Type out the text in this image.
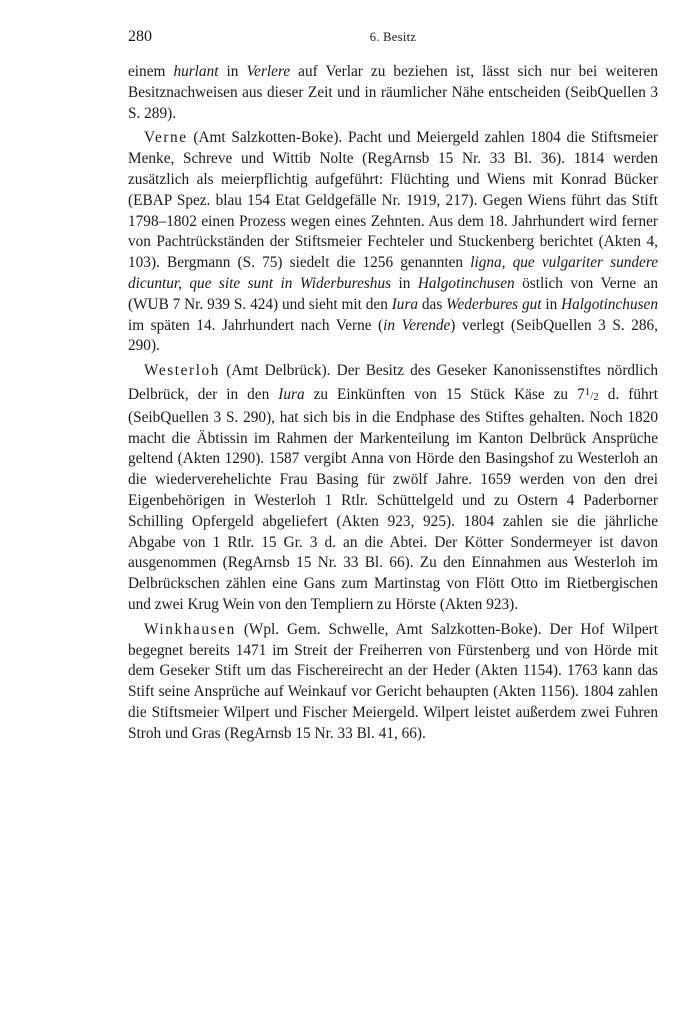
280	6. Besitz

einem hurlant in Verlere auf Verlar zu beziehen ist, lässt sich nur bei weiteren Besitznachweisen aus dieser Zeit und in räumlicher Nähe entscheiden (SeibQuellen 3 S. 289).

Verne (Amt Salzkotten-Boke). Pacht und Meiergeld zahlen 1804 die Stiftsmeier Menke, Schreve und Wittib Nolte (RegArnsb 15 Nr. 33 Bl. 36). 1814 werden zusätzlich als meierpflichtig aufgeführt: Flüchting und Wiens mit Konrad Bücker (EBAP Spez. blau 154 Etat Geldgefälle Nr. 1919, 217). Gegen Wiens führt das Stift 1798–1802 einen Prozess wegen eines Zehnten. Aus dem 18. Jahrhundert wird ferner von Pachtrückständen der Stiftsmeier Fechteler und Stuckenberg berichtet (Akten 4, 103). Bergmann (S. 75) siedelt die 1256 genannten ligna, que vulgariter sundere dicuntur, que site sunt in Widerbureshus in Halgotinchusen östlich von Verne an (WUB 7 Nr. 939 S. 424) und sieht mit den Iura das Wederbures gut in Halgotinchusen im späten 14. Jahrhundert nach Verne (in Verende) verlegt (SeibQuellen 3 S. 286, 290).

Westerloh (Amt Delbrück). Der Besitz des Geseker Kanonissenstiftes nördlich Delbrück, der in den Iura zu Einkünften von 15 Stück Käse zu 71/2 d. führt (SeibQuellen 3 S. 290), hat sich bis in die Endphase des Stiftes gehalten. Noch 1820 macht die Äbtissin im Rahmen der Markenteilung im Kanton Delbrück Ansprüche geltend (Akten 1290). 1587 vergibt Anna von Hörde den Basingshof zu Westerloh an die wiederverehelichte Frau Basing für zwölf Jahre. 1659 werden von den drei Eigenbehörigen in Westerloh 1 Rtlr. Schüttelgeld und zu Ostern 4 Paderborner Schilling Opfergeld abgeliefert (Akten 923, 925). 1804 zahlen sie die jährliche Abgabe von 1 Rtlr. 15 Gr. 3 d. an die Abtei. Der Kötter Sondermeyer ist davon ausgenommen (RegArnsb 15 Nr. 33 Bl. 66). Zu den Einnahmen aus Westerloh im Delbrückschen zählen eine Gans zum Martinstag von Flött Otto im Rietbergischen und zwei Krug Wein von den Templiern zu Hörste (Akten 923).

Winkhausen (Wpl. Gem. Schwelle, Amt Salzkotten-Boke). Der Hof Wilpert begegnet bereits 1471 im Streit der Freiherren von Fürstenberg und von Hörde mit dem Geseker Stift um das Fischereirecht an der Heder (Akten 1154). 1763 kann das Stift seine Ansprüche auf Weinkauf vor Gericht behaupten (Akten 1156). 1804 zahlen die Stiftsmeier Wilpert und Fischer Meiergeld. Wilpert leistet außerdem zwei Fuhren Stroh und Gras (RegArnsb 15 Nr. 33 Bl. 41, 66).
